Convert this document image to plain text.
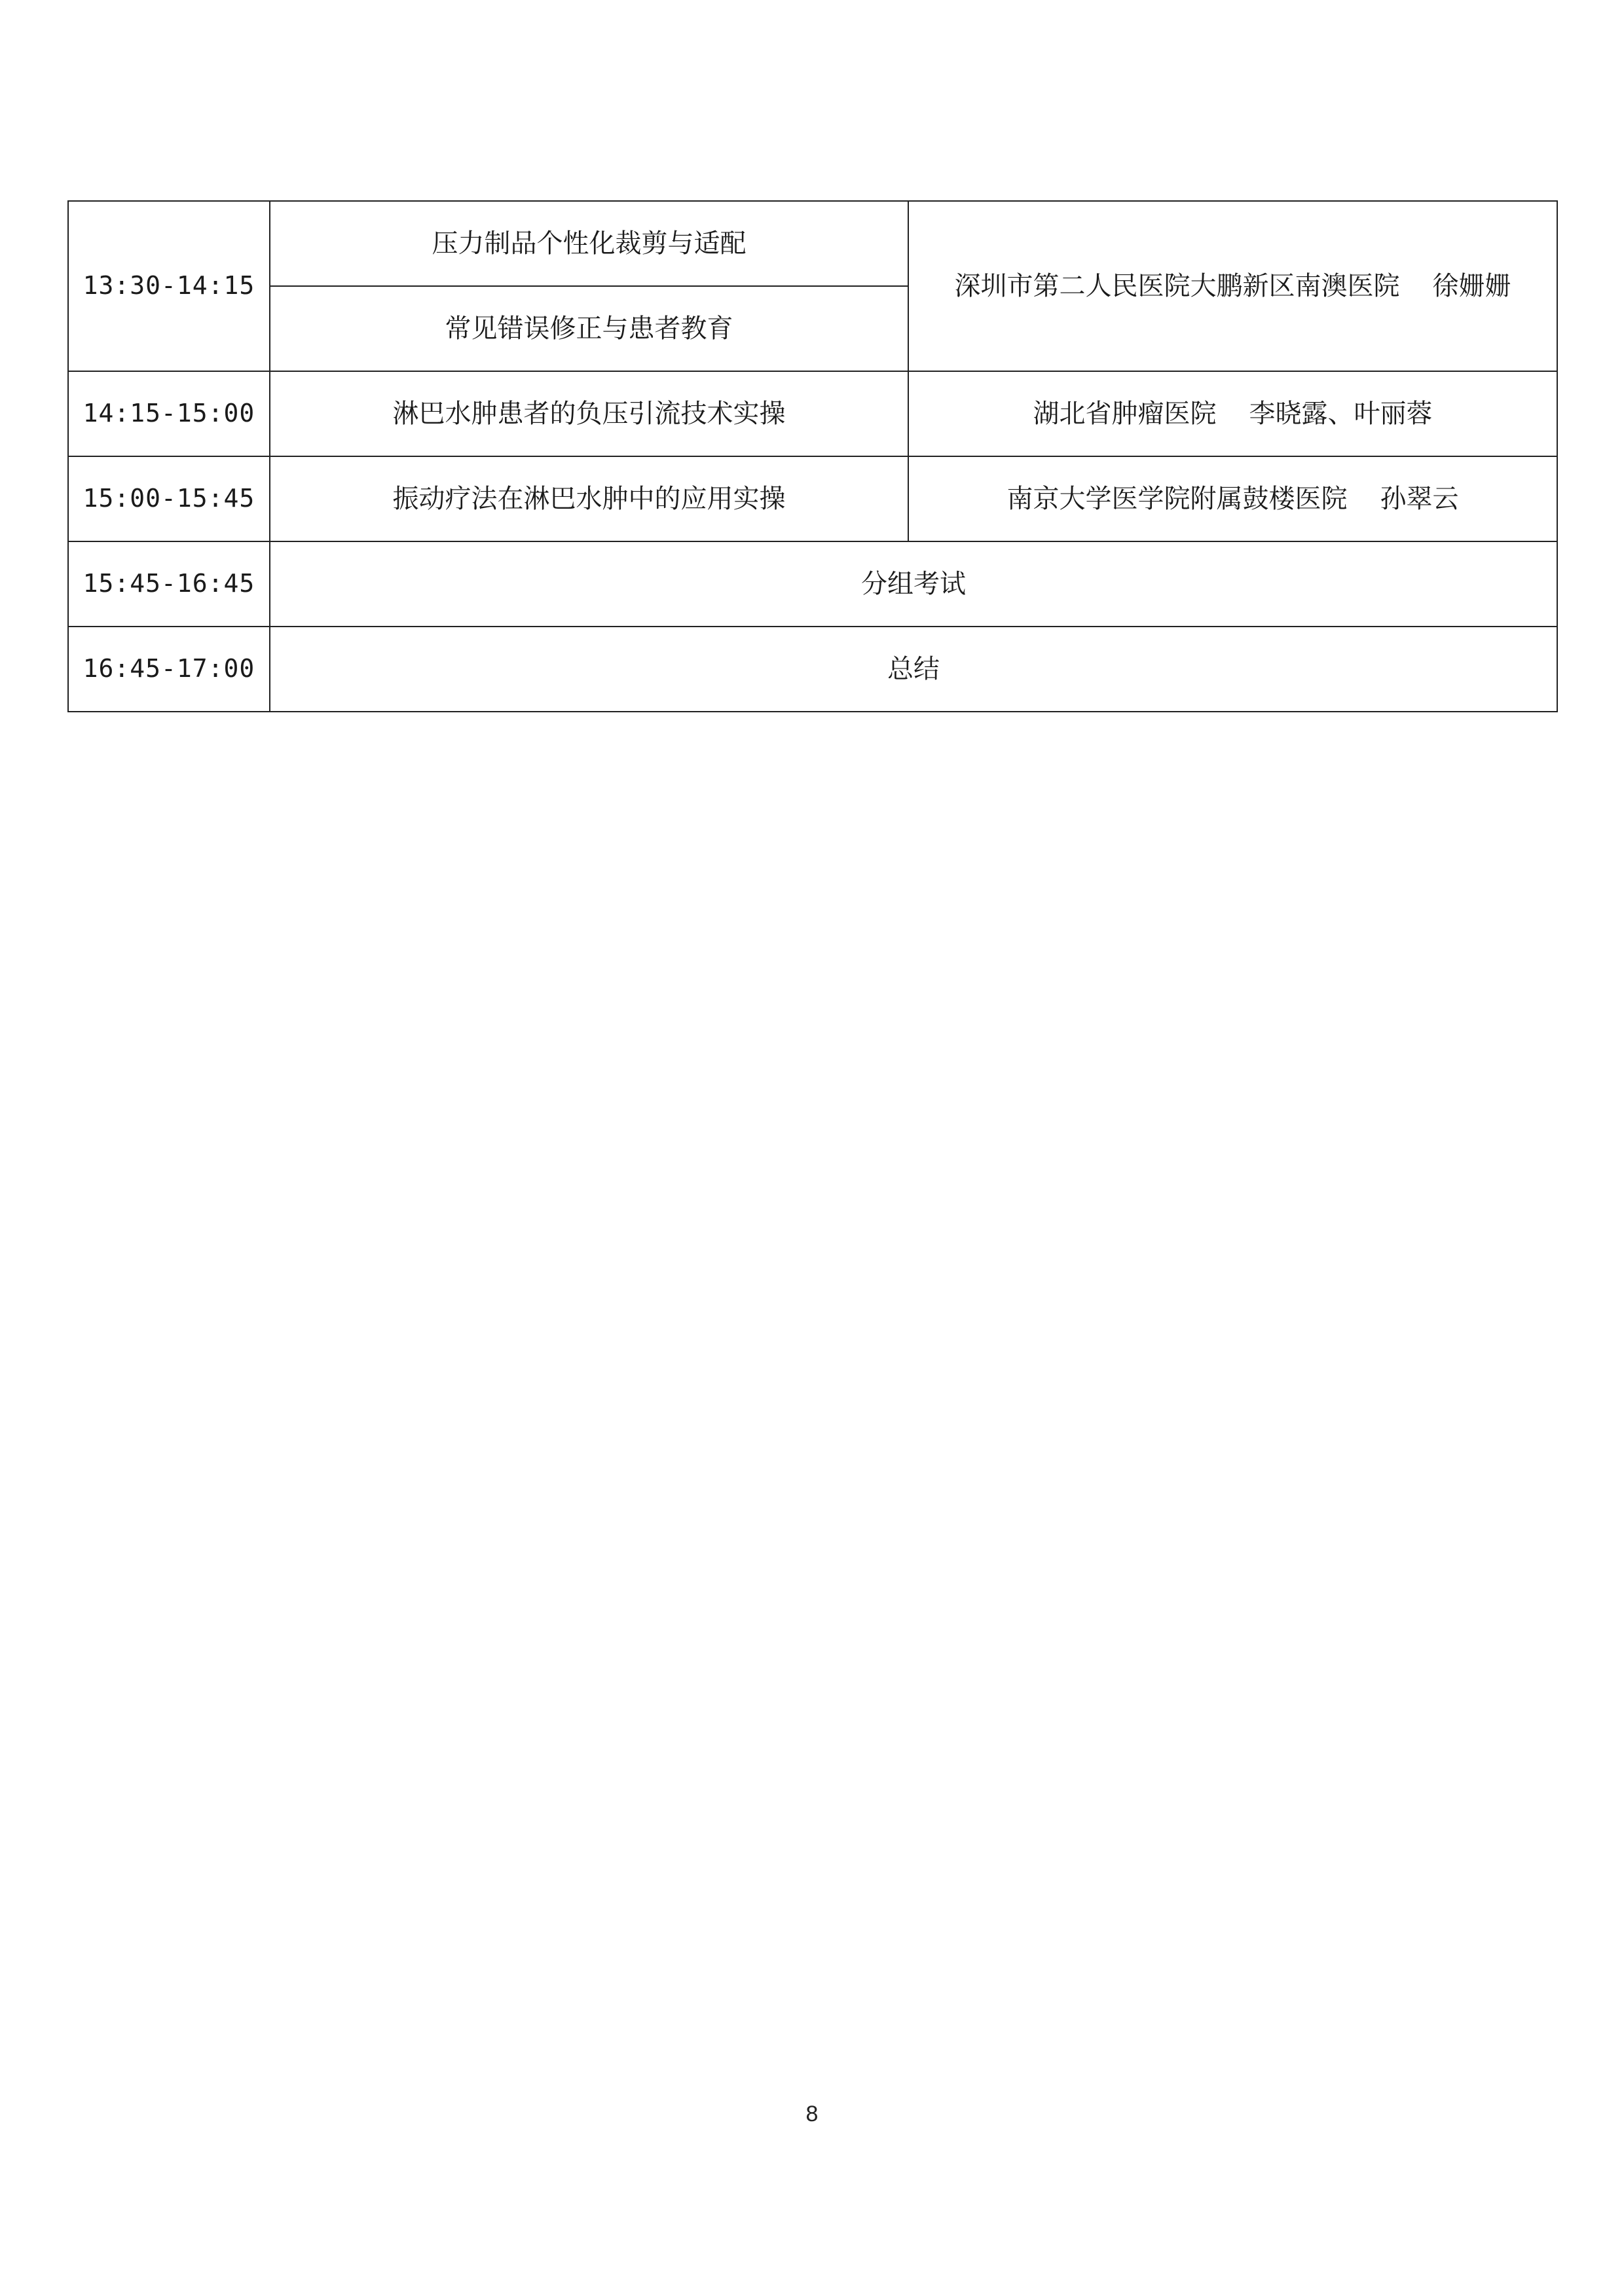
13:30-14:15	压力制品个性化裁剪与适配	深圳市第二人民医院大鹏新区南澳医院 徐姗姗
	常见错误修正与患者教育	
14:15-15:00	淋巴水肿患者的负压引流技术实操	湖北省肿瘤医院 李晓露、叶丽蓉
15:00-15:45	振动疗法在淋巴水肿中的应用实操	南京大学医学院附属鼓楼医院 孙翠云
15:45-16:45	分组考试	
16:45-17:00	总结	
8
